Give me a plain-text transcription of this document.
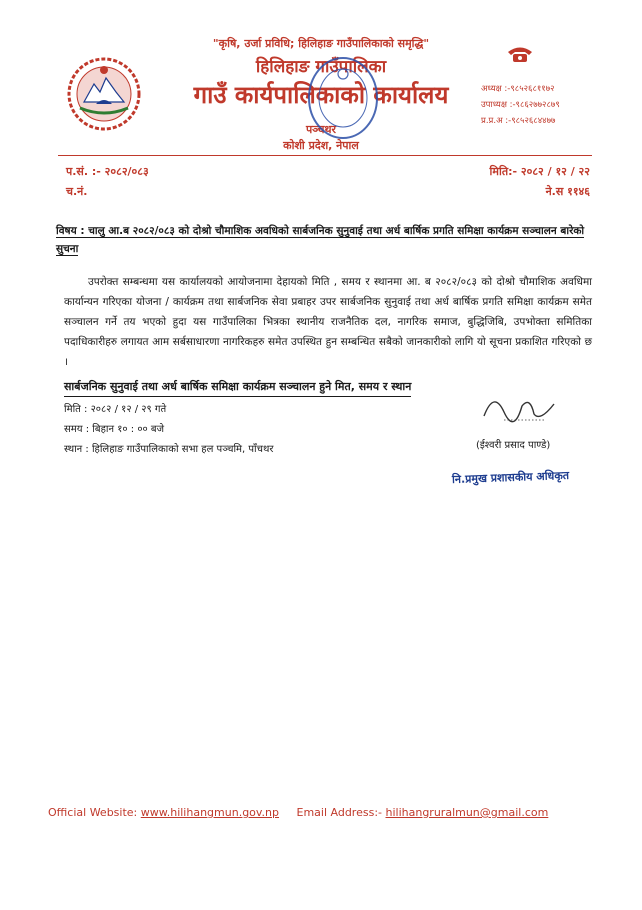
"कृषि, उर्जा प्रविधि; हिलिहाङ गाउँपालिकाको समृद्धि"
हिलिहाङ गाउँपालिका
गाउँ कार्यपालिकाको कार्यालय
पञ्चथर
कोशी प्रदेश, नेपाल
अध्यक्ष :-९८५२६८११७२
उपाध्यक्ष :-९८६२७७२८७९
प्र.प्र.अ :-९८५२६८४४७७
प.सं. :- २०८२/०८३
च.नं.
मिति:- २०८२ / १२ / २२
ने.स ११४६
विषय : चालु आ.ब २०८२/०८३ को दोश्रो चौमाशिक अवधिको सार्बजनिक सुनुवाई तथा अर्ध बार्षिक प्रगति समिक्षा कार्यक्रम सञ्चालन बारेको सुचना
उपरोक्त सम्बन्धमा यस कार्यालयको आयोजनामा देहायको मिति , समय र स्थानमा आ. ब २०८२/०८३ को दोश्रो चौमाशिक अवधिमा कार्यान्यन गरिएका योजना / कार्यक्रम तथा सार्बजनिक सेवा प्रबाहर उपर सार्बजनिक सुनुवाई तथा अर्ध बार्षिक प्रगति समिक्षा कार्यक्रम समेत सञ्चालन गर्ने तय भएको हुदा यस गाउँपालिका भित्रका स्थानीय राजनैतिक दल, नागरिक समाज, बुद्धिजिबि, उपभोक्ता समितिका पदाधिकारीहरु लगायत आम सर्बसाधारणा नागरिकहरु समेत उपस्थित हुन सम्बन्धित सबैको जानकारीको लागि यो सूचना प्रकाशित गरिएको छ ।
सार्बजनिक सुनुवाई तथा अर्ध बार्षिक समिक्षा कार्यक्रम सञ्चालन हुने मित, समय र स्थान
मिति : २०८२ / १२ / २९ गते
समय : बिहान १० : ०० बजे
स्थान : हिलिहाङ गाउँपालिकाको सभा हल पञ्चमि, पाँचथर	(ईश्वरी प्रसाद पाण्डे)
नि.प्रमुख प्रशासकीय अधिकृत
Official Website: www.hilihangmun.gov.np Email Address:- hilihangruralmun@gmail.com
